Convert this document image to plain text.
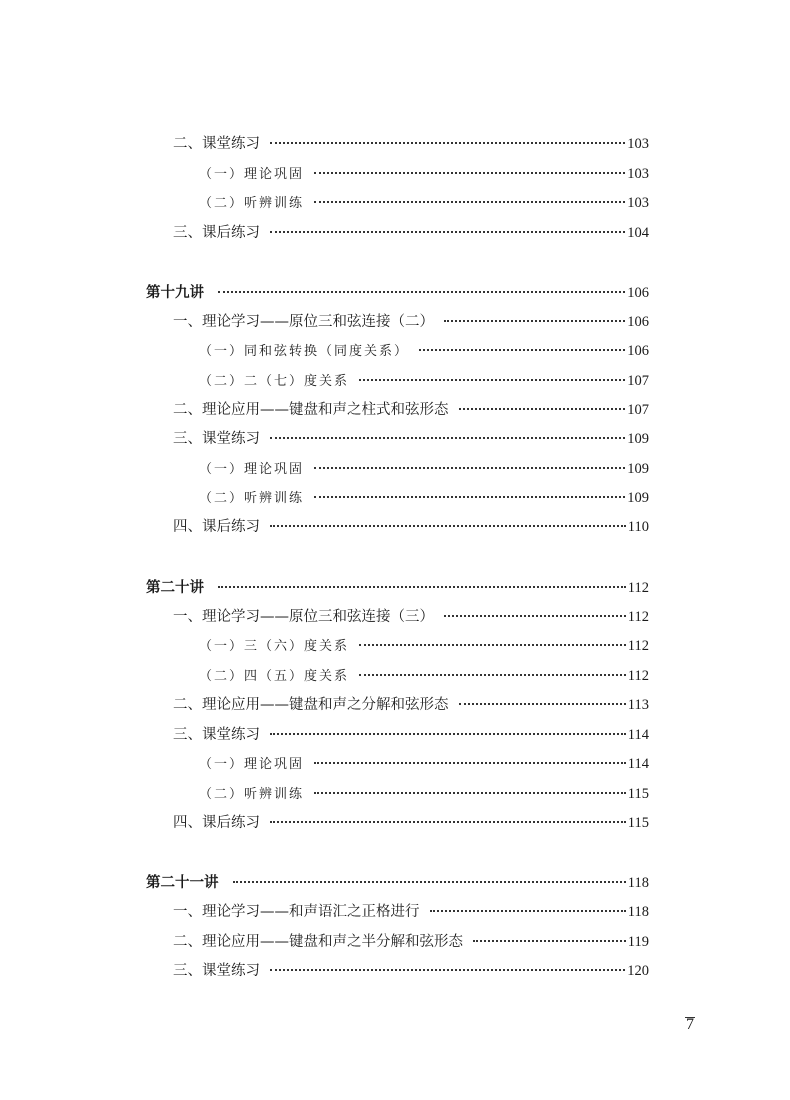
二、课堂练习	103
（一）理论巩固	103
（二）听辨训练	103
三、课后练习	104
第十九讲	106
一、理论学习——原位三和弦连接（二）	106
（一）同和弦转换（同度关系）	106
（二）二（七）度关系	107
二、理论应用——键盘和声之柱式和弦形态	107
三、课堂练习	109
（一）理论巩固	109
（二）听辨训练	109
四、课后练习	110
第二十讲	112
一、理论学习——原位三和弦连接（三）	112
（一）三（六）度关系	112
（二）四（五）度关系	112
二、理论应用——键盘和声之分解和弦形态	113
三、课堂练习	114
（一）理论巩固	114
（二）听辨训练	115
四、课后练习	115
第二十一讲	118
一、理论学习——和声语汇之正格进行	118
二、理论应用——键盘和声之半分解和弦形态	119
三、课堂练习	120
7
